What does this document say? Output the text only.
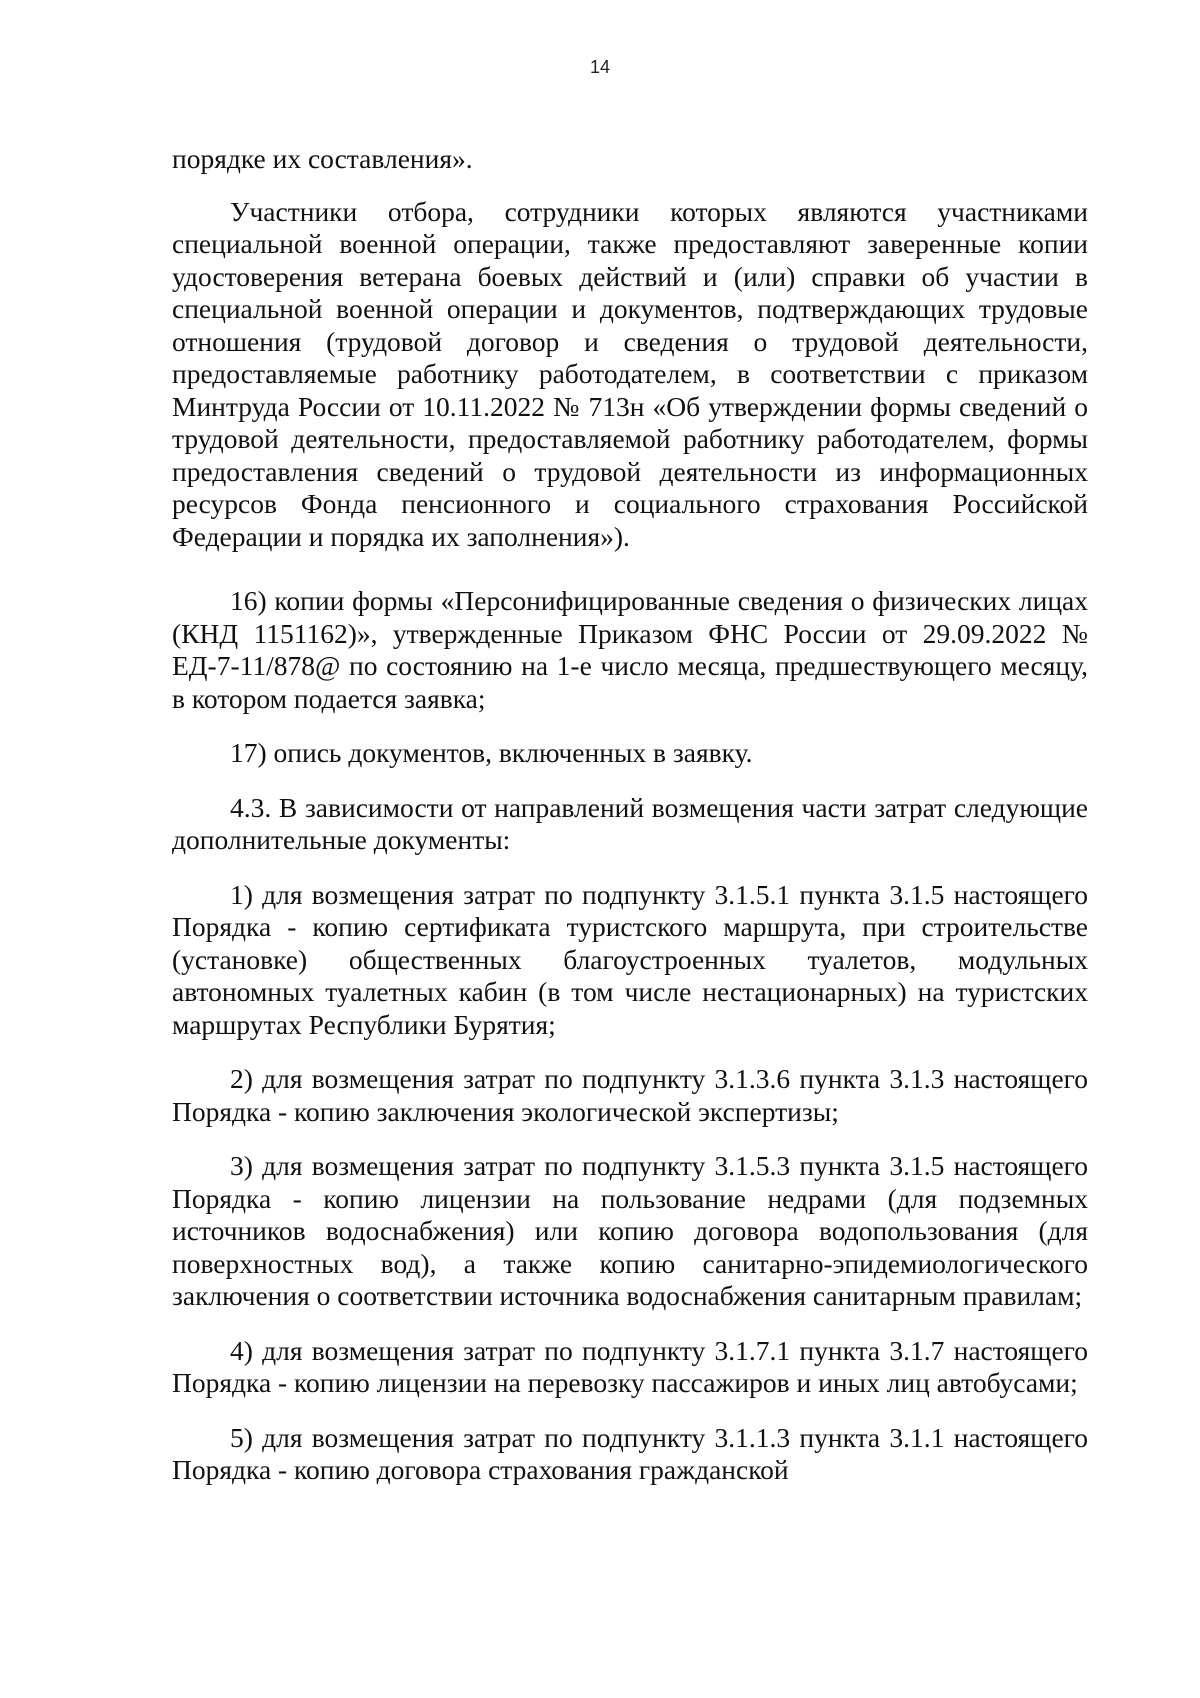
14

порядке их составления».

Участники отбора, сотрудники которых являются участниками специальной военной операции, также предоставляют заверенные копии удостоверения ветерана боевых действий и (или) справки об участии в специальной военной операции и документов, подтверждающих трудовые отношения (трудовой договор и сведения о трудовой деятельности, предоставляемые работнику работодателем, в соответствии с приказом Минтруда России от 10.11.2022 № 713н «Об утверждении формы сведений о трудовой деятельности, предоставляемой работнику работодателем, формы предоставления сведений о трудовой деятельности из информационных ресурсов Фонда пенсионного и социального страхования Российской Федерации и порядка их заполнения»).

16) копии формы «Персонифицированные сведения о физических лицах (КНД 1151162)», утвержденные Приказом ФНС России от 29.09.2022 № ЕД-7-11/878@ по состоянию на 1-е число месяца, предшествующего месяцу, в котором подается заявка;

17) опись документов, включенных в заявку.

4.3. В зависимости от направлений возмещения части затрат следующие дополнительные документы:

1) для возмещения затрат по подпункту 3.1.5.1 пункта 3.1.5 настоящего Порядка - копию сертификата туристского маршрута, при строительстве (установке) общественных благоустроенных туалетов, модульных автономных туалетных кабин (в том числе нестационарных) на туристских маршрутах Республики Бурятия;

2) для возмещения затрат по подпункту 3.1.3.6 пункта 3.1.3 настоящего Порядка - копию заключения экологической экспертизы;

3) для возмещения затрат по подпункту 3.1.5.3 пункта 3.1.5 настоящего Порядка - копию лицензии на пользование недрами (для подземных источников водоснабжения) или копию договора водопользования (для поверхностных вод), а также копию санитарно-эпидемиологического заключения о соответствии источника водоснабжения санитарным правилам;

4) для возмещения затрат по подпункту 3.1.7.1 пункта 3.1.7 настоящего Порядка - копию лицензии на перевозку пассажиров и иных лиц автобусами;

5) для возмещения затрат по подпункту 3.1.1.3 пункта 3.1.1 настоящего Порядка - копию договора страхования гражданской
